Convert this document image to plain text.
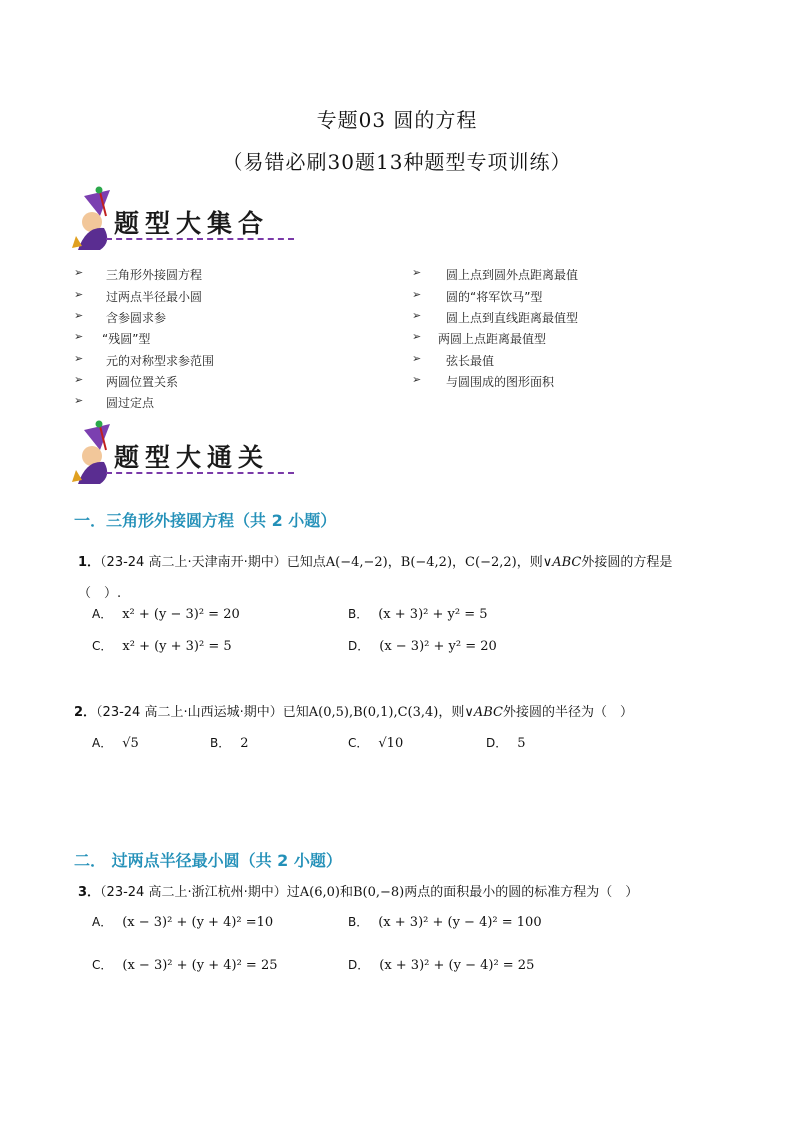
专题03 圆的方程
（易错必刷30题13种题型专项训练）
题型大集合
➢ 三角形外接圆方程
➢ 过两点半径最小圆
➢ 含参圆求参
➢ “残圆”型
➢ 元的对称型求参范围
➢ 两圆位置关系
➢ 圆过定点
➢ 圆上点到圆外点距离最值
➢ 圆的“将军饮马”型
➢ 圆上点到直线距离最值型
➢ 两圆上点距离最值型
➢ 弦长最值
➢ 与圆围成的图形面积
题型大通关
一．三角形外接圆方程（共 2 小题）
1．（23-24 高二上·天津南开·期中）已知点A(−4,−2)，B(−4,2)，C(−2,2)，则∨ABC外接圆的方程是
（　）.
A． x² + (y − 3)² = 20	B． (x + 3)² + y² = 5
C． x² + (y + 3)² = 5	D． (x − 3)² + y² = 20
2．（23-24 高二上·山西运城·期中）已知A(0,5),B(0,1),C(3,4)，则∨ABC外接圆的半径为（　）
A． √5	B． 2	C． √10	D． 5
二． 过两点半径最小圆（共 2 小题）
3．（23-24 高二上·浙江杭州·期中）过A(6,0)和B(0,−8)两点的面积最小的圆的标准方程为（　）
A． (x − 3)² + (y + 4)² =10	B． (x + 3)² + (y − 4)² = 100
C． (x − 3)² + (y + 4)² = 25	D． (x + 3)² + (y − 4)² = 25
